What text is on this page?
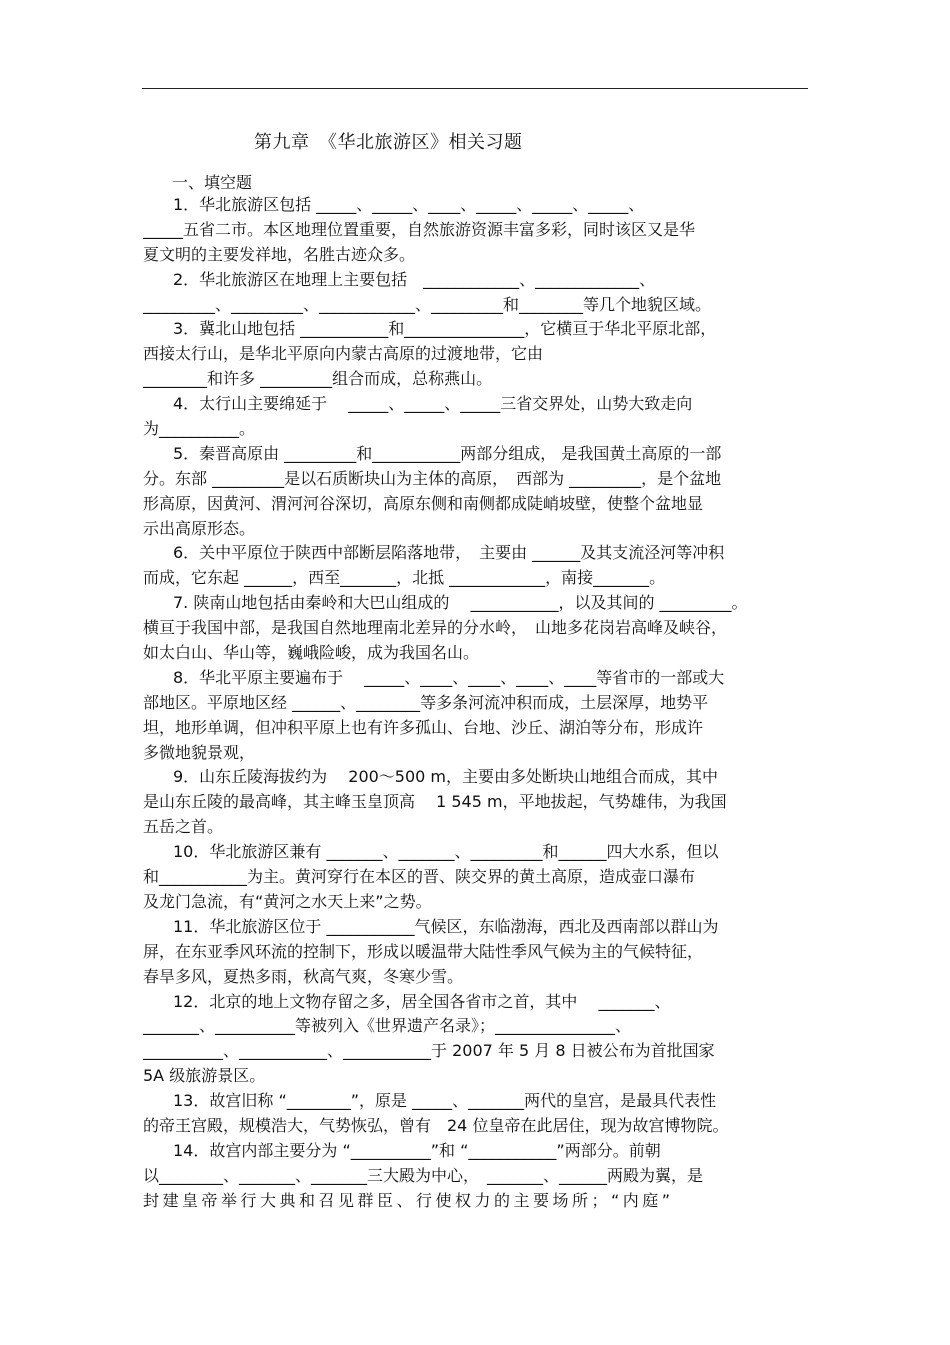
第九章　《华北旅游区》相关习题
一、填空题
1．华北旅游区包括 _____、_____、____、_____、_____、_____、
_____五省二市。本区地理位置重要，自然旅游资源丰富多彩，同时该区又是华
夏文明的主要发祥地，名胜古迹众多。
2．华北旅游区在地理上主要包括　____________、_____________、
_________、_________、____________、_________和________等几个地貌区域。
3．冀北山地包括 ___________和_______________，它横亘于华北平原北部，
西接太行山，是华北平原向内蒙古高原的过渡地带，它由
________和许多 _________组合而成，总称燕山。
4．太行山主要绵延于　 _____、_____、_____三省交界处，山势大致走向
为__________。
5．秦晋高原由 _________和___________两部分组成， 是我国黄土高原的一部
分。东部 _________是以石质断块山为主体的高原，　西部为 _________，是个盆地
形高原，因黄河、渭河河谷深切，高原东侧和南侧都成陡峭坡壁，使整个盆地显
示出高原形态。
6．关中平原位于陕西中部断层陷落地带，　主要由 ______及其支流泾河等冲积
而成，它东起 ______，西至_______，北抵 ____________，南接_______。
7. 陕南山地包括由秦岭和大巴山组成的　 ___________，以及其间的 _________。
横亘于我国中部，是我国自然地理南北差异的分水岭，　山地多花岗岩高峰及峡谷，
如太白山、华山等，巍峨险峻，成为我国名山。
8．华北平原主要遍布于　 _____、____、____、____、____等省市的一部或大
部地区。平原地区经 ______、________等多条河流冲积而成，土层深厚，地势平
坦，地形单调，但冲积平原上也有许多孤山、台地、沙丘、湖泊等分布，形成许
多微地貌景观，
9．山东丘陵海拔约为　 200～500 m，主要由多处断块山地组合而成，其中
是山东丘陵的最高峰，其主峰玉皇顶高　 1 545 m，平地拔起，气势雄伟，为我国
五岳之首。
10．华北旅游区兼有 _______、_______、_________和______四大水系，但以
和___________为主。黄河穿行在本区的晋、陕交界的黄土高原，造成壶口瀑布
及龙门急流，有“黄河之水天上来”之势。
11．华北旅游区位于 ___________气候区，东临渤海，西北及西南部以群山为
屏，在东亚季风环流的控制下，形成以暖温带大陆性季风气候为主的气候特征，
春旱多风，夏热多雨，秋高气爽，冬寒少雪。
12．北京的地上文物存留之多，居全国各省市之首，其中　 _______、
_______、__________等被列入《世界遗产名录》；_______________、
__________、___________、___________于 2007 年 5 月 8 日被公布为首批国家
5A 级旅游景区。
13．故宫旧称 “________”，原是 _____、_______两代的皇宫，是最具代表性
的帝王宫殿，规模浩大，气势恢弘，曾有　24 位皇帝在此居住，现为故宫博物院。
14．故宫内部主要分为 “__________”和 “___________”两部分。前朝
以________、_______、_______三大殿为中心，　_______、______两殿为翼，是
封建皇帝举行大典和召见群臣、行使权力的主要场所；“内庭”
